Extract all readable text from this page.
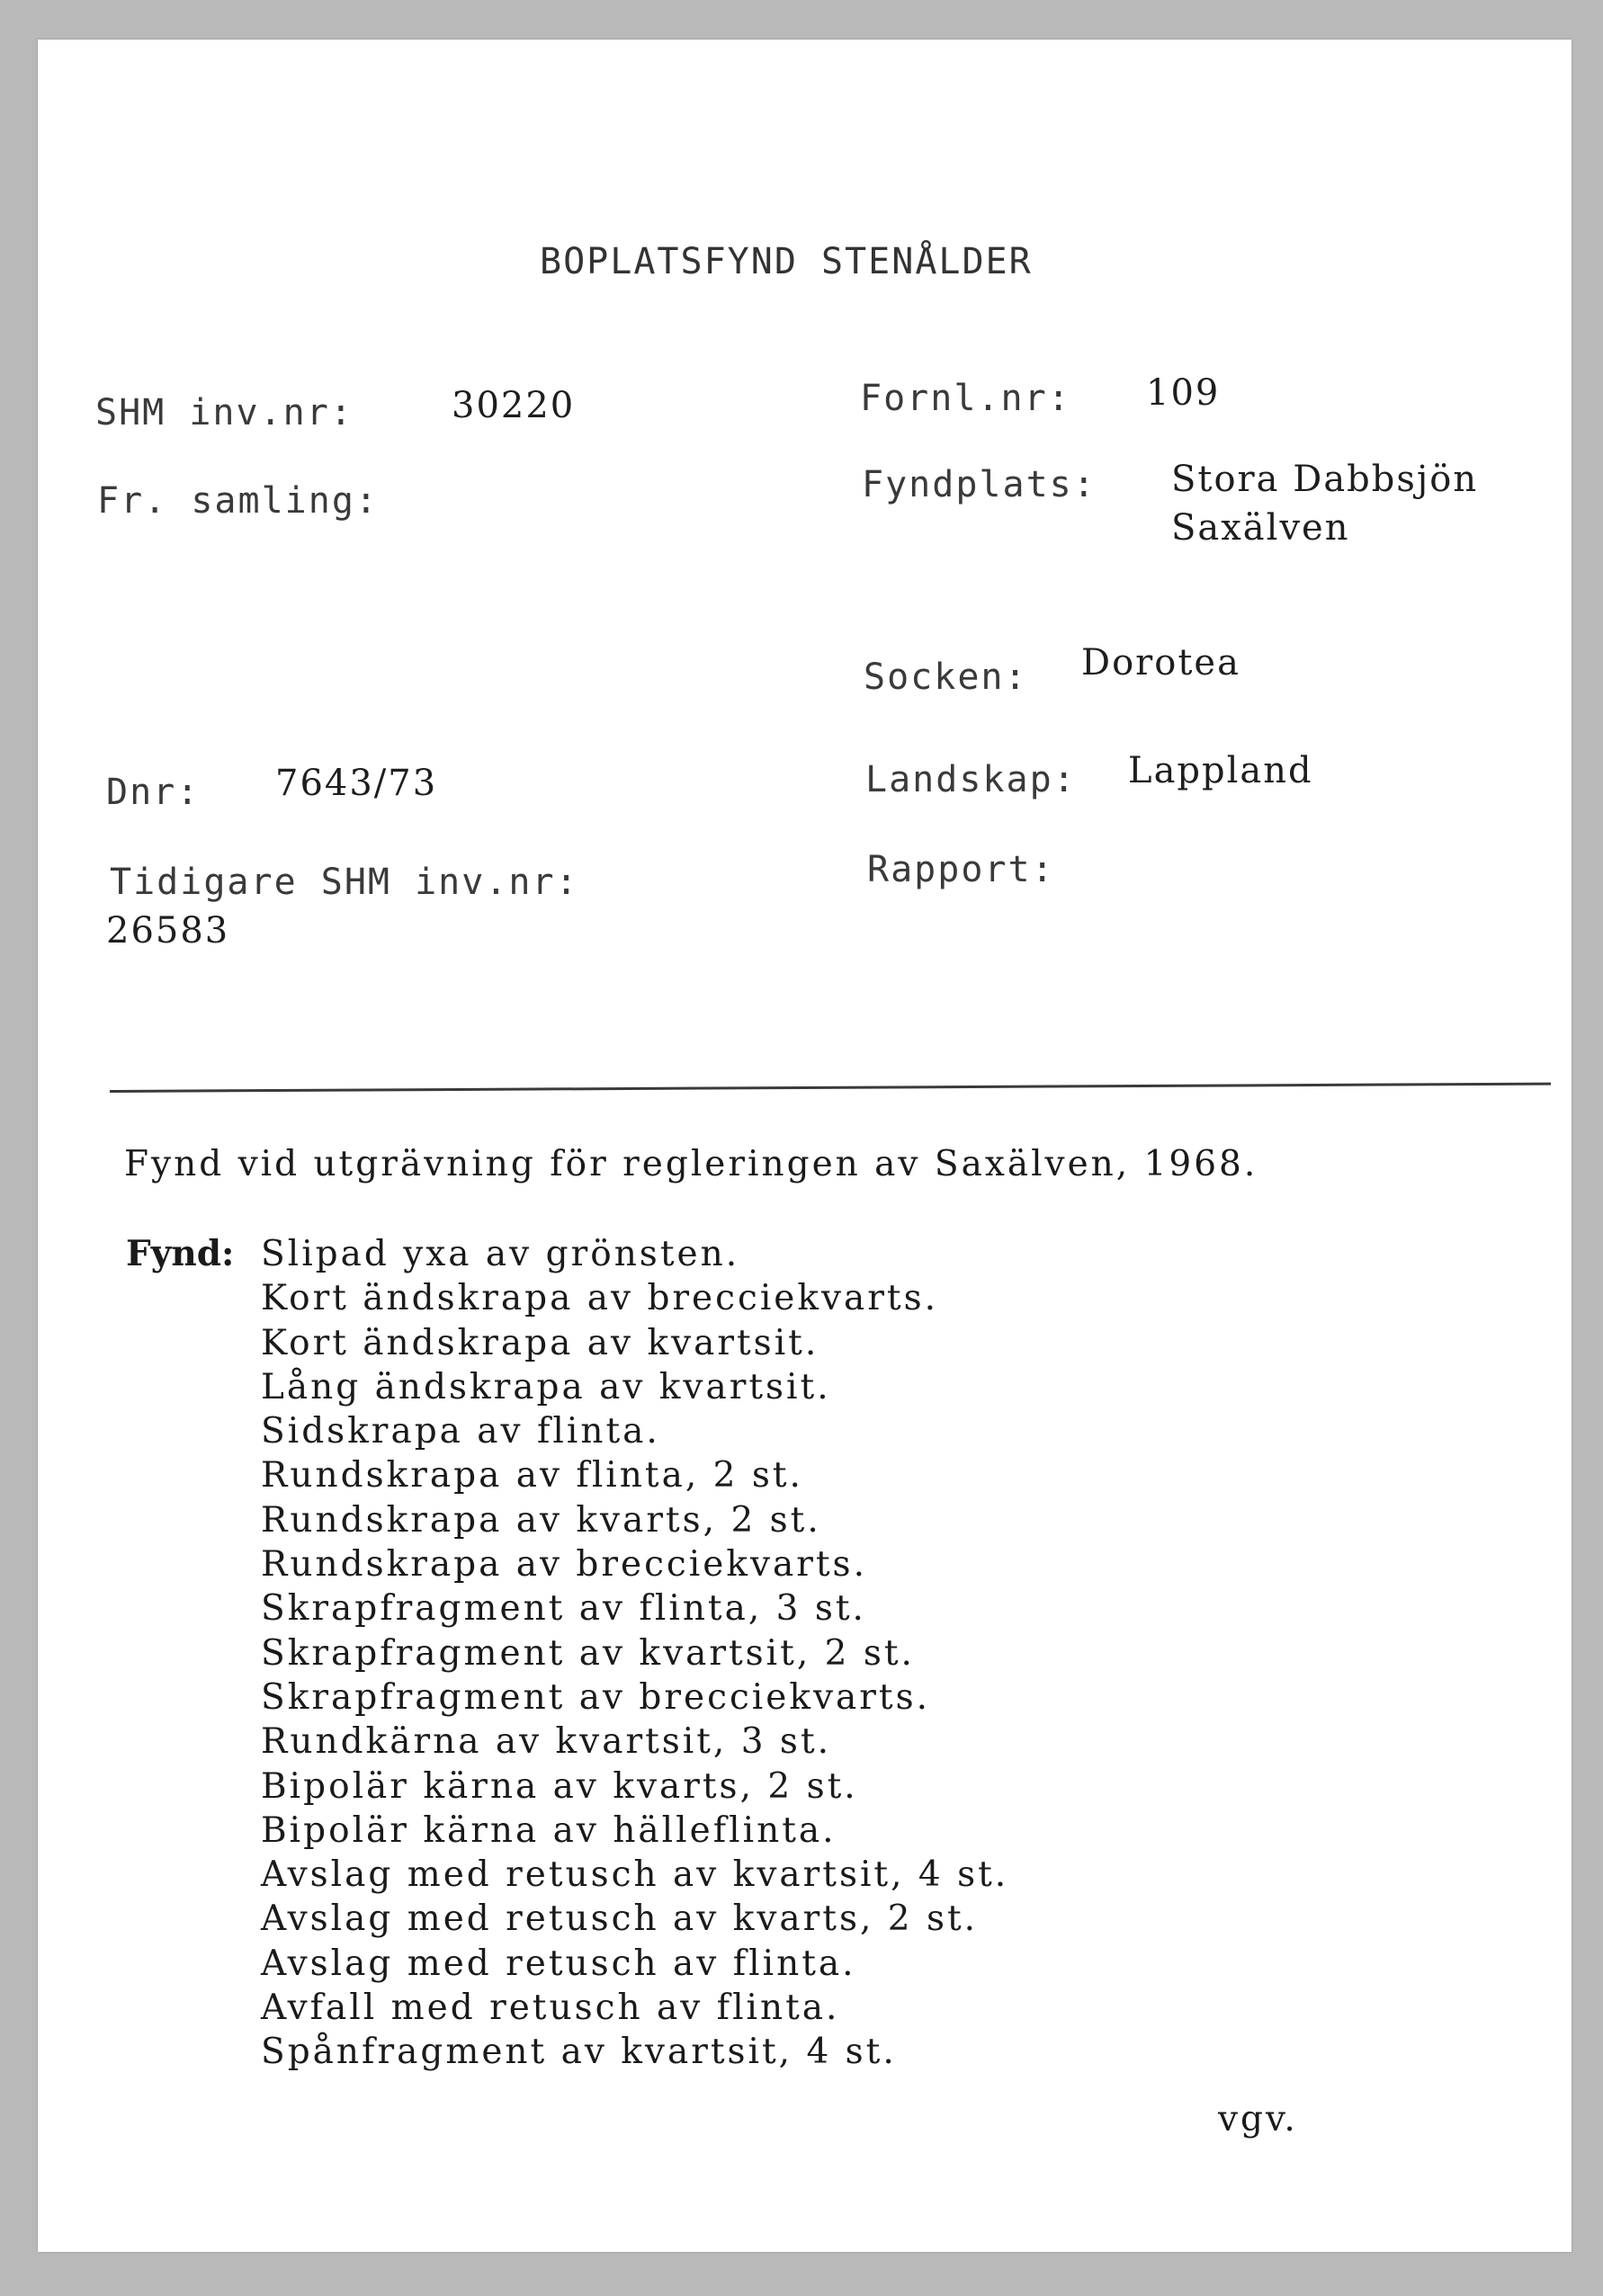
BOPLATSFYND STENÅLDER
SHM inv.nr:	30220	Fornl.nr: 109
Fr. samling:	Fyndplats: Stora Dabbsjön
Saxälven
Socken: Dorotea
Dnr: 7643/73	Landskap: Lappland
Tidigare SHM inv.nr:
26583
Rapport:
Fynd vid utgrävning för regleringen av Saxälven, 1968.
Fynd: Slipad yxa av grönsten.
Kort ändskrapa av brecciekvarts.
Kort ändskrapa av kvartsit.
Lång ändskrapa av kvartsit.
Sidskrapa av flinta.
Rundskrapa av flinta, 2 st.
Rundskrapa av kvarts, 2 st.
Rundskrapa av brecciekvarts.
Skrapfragment av flinta, 3 st.
Skrapfragment av kvartsit, 2 st.
Skrapfragment av brecciekvarts.
Rundkärna av kvartsit, 3 st.
Bipolär kärna av kvarts, 2 st.
Bipolär kärna av hälleflinta.
Avslag med retusch av kvartsit, 4 st.
Avslag med retusch av kvarts, 2 st.
Avslag med retusch av flinta.
Avfall med retusch av flinta.
Spånfragment av kvartsit, 4 st.
vgv.
